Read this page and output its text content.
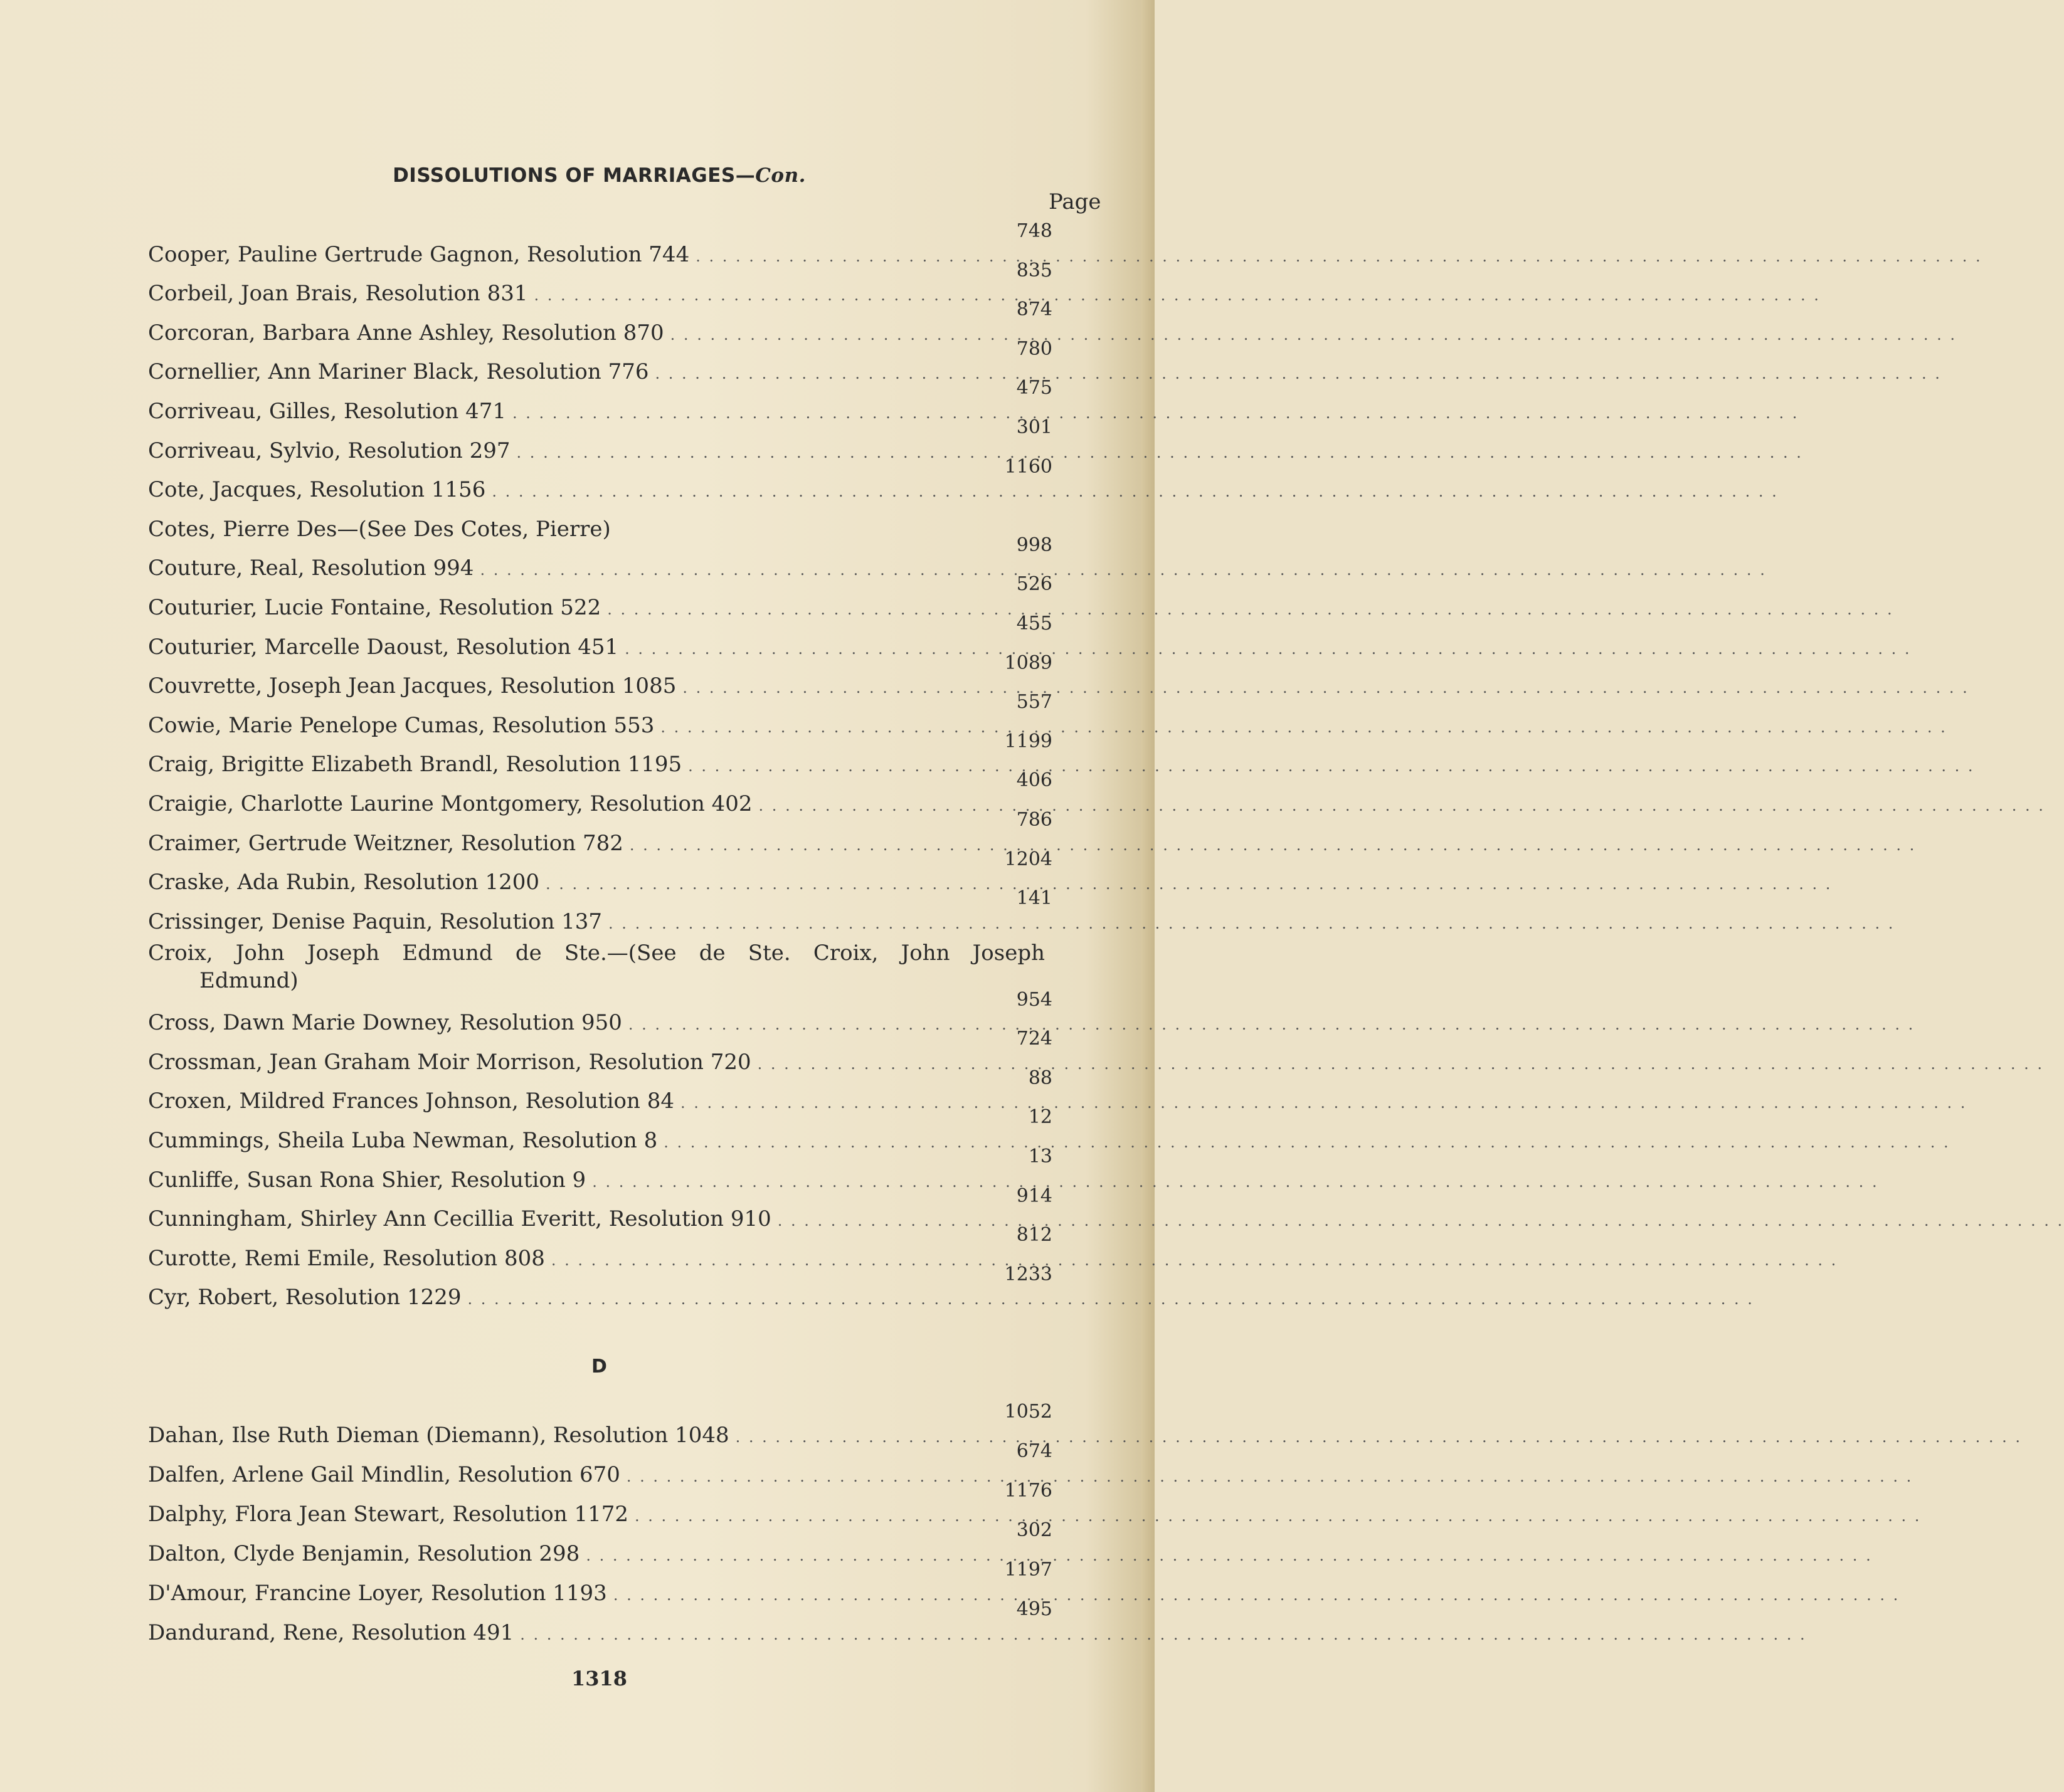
DISSOLUTIONS OF MARRIAGES—Con.
Page
Cooper, Pauline Gertrude Gagnon, Resolution 744 . . . . . . . . . . . . . . . . . . . . . . . . . . . . . . . . . . . . . . . . . . . . . . . . . . . . . . . . . . . . . . . . . . . . . . . . . . . . . . . . . . . . . . . . . . . . . . . . .
748
Corbeil, Joan Brais, Resolution 831 . . . . . . . . . . . . . . . . . . . . . . . . . . . . . . . . . . . . . . . . . . . . . . . . . . . . . . . . . . . . . . . . . . . . . . . . . . . . . . . . . . . . . . . . . . . . . . . . .
835
Corcoran, Barbara Anne Ashley, Resolution 870 . . . . . . . . . . . . . . . . . . . . . . . . . . . . . . . . . . . . . . . . . . . . . . . . . . . . . . . . . . . . . . . . . . . . . . . . . . . . . . . . . . . . . . . . . . . . . . . . .
874
Cornellier, Ann Mariner Black, Resolution 776 . . . . . . . . . . . . . . . . . . . . . . . . . . . . . . . . . . . . . . . . . . . . . . . . . . . . . . . . . . . . . . . . . . . . . . . . . . . . . . . . . . . . . . . . . . . . . . . . .
780
Corriveau, Gilles, Resolution 471 . . . . . . . . . . . . . . . . . . . . . . . . . . . . . . . . . . . . . . . . . . . . . . . . . . . . . . . . . . . . . . . . . . . . . . . . . . . . . . . . . . . . . . . . . . . . . . . . .
475
Corriveau, Sylvio, Resolution 297 . . . . . . . . . . . . . . . . . . . . . . . . . . . . . . . . . . . . . . . . . . . . . . . . . . . . . . . . . . . . . . . . . . . . . . . . . . . . . . . . . . . . . . . . . . . . . . . . .
301
Cote, Jacques, Resolution 1156 . . . . . . . . . . . . . . . . . . . . . . . . . . . . . . . . . . . . . . . . . . . . . . . . . . . . . . . . . . . . . . . . . . . . . . . . . . . . . . . . . . . . . . . . . . . . . . . . .
1160
Cotes, Pierre Des—(See Des Cotes, Pierre)
Couture, Real, Resolution 994 . . . . . . . . . . . . . . . . . . . . . . . . . . . . . . . . . . . . . . . . . . . . . . . . . . . . . . . . . . . . . . . . . . . . . . . . . . . . . . . . . . . . . . . . . . . . . . . . .
998
Couturier, Lucie Fontaine, Resolution 522 . . . . . . . . . . . . . . . . . . . . . . . . . . . . . . . . . . . . . . . . . . . . . . . . . . . . . . . . . . . . . . . . . . . . . . . . . . . . . . . . . . . . . . . . . . . . . . . . .
526
Couturier, Marcelle Daoust, Resolution 451 . . . . . . . . . . . . . . . . . . . . . . . . . . . . . . . . . . . . . . . . . . . . . . . . . . . . . . . . . . . . . . . . . . . . . . . . . . . . . . . . . . . . . . . . . . . . . . . . .
455
Couvrette, Joseph Jean Jacques, Resolution 1085 . . . . . . . . . . . . . . . . . . . . . . . . . . . . . . . . . . . . . . . . . . . . . . . . . . . . . . . . . . . . . . . . . . . . . . . . . . . . . . . . . . . . . . . . . . . . . . . . .
1089
Cowie, Marie Penelope Cumas, Resolution 553 . . . . . . . . . . . . . . . . . . . . . . . . . . . . . . . . . . . . . . . . . . . . . . . . . . . . . . . . . . . . . . . . . . . . . . . . . . . . . . . . . . . . . . . . . . . . . . . . .
557
Craig, Brigitte Elizabeth Brandl, Resolution 1195 . . . . . . . . . . . . . . . . . . . . . . . . . . . . . . . . . . . . . . . . . . . . . . . . . . . . . . . . . . . . . . . . . . . . . . . . . . . . . . . . . . . . . . . . . . . . . . . . .
1199
Craigie, Charlotte Laurine Montgomery, Resolution 402 . . . . . . . . . . . . . . . . . . . . . . . . . . . . . . . . . . . . . . . . . . . . . . . . . . . . . . . . . . . . . . . . . . . . . . . . . . . . . . . . . . . . . . . . . . . . . . . . .
406
Craimer, Gertrude Weitzner, Resolution 782 . . . . . . . . . . . . . . . . . . . . . . . . . . . . . . . . . . . . . . . . . . . . . . . . . . . . . . . . . . . . . . . . . . . . . . . . . . . . . . . . . . . . . . . . . . . . . . . . .
786
Craske, Ada Rubin, Resolution 1200 . . . . . . . . . . . . . . . . . . . . . . . . . . . . . . . . . . . . . . . . . . . . . . . . . . . . . . . . . . . . . . . . . . . . . . . . . . . . . . . . . . . . . . . . . . . . . . . . .
1204
Crissinger, Denise Paquin, Resolution 137 . . . . . . . . . . . . . . . . . . . . . . . . . . . . . . . . . . . . . . . . . . . . . . . . . . . . . . . . . . . . . . . . . . . . . . . . . . . . . . . . . . . . . . . . . . . . . . . . .
141
Croix, John Joseph Edmund de Ste.—(See de Ste. Croix, John Joseph
Edmund)
Cross, Dawn Marie Downey, Resolution 950 . . . . . . . . . . . . . . . . . . . . . . . . . . . . . . . . . . . . . . . . . . . . . . . . . . . . . . . . . . . . . . . . . . . . . . . . . . . . . . . . . . . . . . . . . . . . . . . . .
954
Crossman, Jean Graham Moir Morrison, Resolution 720 . . . . . . . . . . . . . . . . . . . . . . . . . . . . . . . . . . . . . . . . . . . . . . . . . . . . . . . . . . . . . . . . . . . . . . . . . . . . . . . . . . . . . . . . . . . . . . . . .
724
Croxen, Mildred Frances Johnson, Resolution 84 . . . . . . . . . . . . . . . . . . . . . . . . . . . . . . . . . . . . . . . . . . . . . . . . . . . . . . . . . . . . . . . . . . . . . . . . . . . . . . . . . . . . . . . . . . . . . . . . .
88
Cummings, Sheila Luba Newman, Resolution 8 . . . . . . . . . . . . . . . . . . . . . . . . . . . . . . . . . . . . . . . . . . . . . . . . . . . . . . . . . . . . . . . . . . . . . . . . . . . . . . . . . . . . . . . . . . . . . . . . .
12
Cunliffe, Susan Rona Shier, Resolution 9 . . . . . . . . . . . . . . . . . . . . . . . . . . . . . . . . . . . . . . . . . . . . . . . . . . . . . . . . . . . . . . . . . . . . . . . . . . . . . . . . . . . . . . . . . . . . . . . . .
13
Cunningham, Shirley Ann Cecillia Everitt, Resolution 910 . . . . . . . . . . . . . . . . . . . . . . . . . . . . . . . . . . . . . . . . . . . . . . . . . . . . . . . . . . . . . . . . . . . . . . . . . . . . . . . . . . . . . . . . . . . . . . . . .
914
Curotte, Remi Emile, Resolution 808 . . . . . . . . . . . . . . . . . . . . . . . . . . . . . . . . . . . . . . . . . . . . . . . . . . . . . . . . . . . . . . . . . . . . . . . . . . . . . . . . . . . . . . . . . . . . . . . . .
812
Cyr, Robert, Resolution 1229 . . . . . . . . . . . . . . . . . . . . . . . . . . . . . . . . . . . . . . . . . . . . . . . . . . . . . . . . . . . . . . . . . . . . . . . . . . . . . . . . . . . . . . . . . . . . . . . . .
1233
D
Dahan, Ilse Ruth Dieman (Diemann), Resolution 1048 . . . . . . . . . . . . . . . . . . . . . . . . . . . . . . . . . . . . . . . . . . . . . . . . . . . . . . . . . . . . . . . . . . . . . . . . . . . . . . . . . . . . . . . . . . . . . . . . .
1052
Dalfen, Arlene Gail Mindlin, Resolution 670 . . . . . . . . . . . . . . . . . . . . . . . . . . . . . . . . . . . . . . . . . . . . . . . . . . . . . . . . . . . . . . . . . . . . . . . . . . . . . . . . . . . . . . . . . . . . . . . . .
674
Dalphy, Flora Jean Stewart, Resolution 1172 . . . . . . . . . . . . . . . . . . . . . . . . . . . . . . . . . . . . . . . . . . . . . . . . . . . . . . . . . . . . . . . . . . . . . . . . . . . . . . . . . . . . . . . . . . . . . . . . .
1176
Dalton, Clyde Benjamin, Resolution 298 . . . . . . . . . . . . . . . . . . . . . . . . . . . . . . . . . . . . . . . . . . . . . . . . . . . . . . . . . . . . . . . . . . . . . . . . . . . . . . . . . . . . . . . . . . . . . . . . .
302
D'Amour, Francine Loyer, Resolution 1193 . . . . . . . . . . . . . . . . . . . . . . . . . . . . . . . . . . . . . . . . . . . . . . . . . . . . . . . . . . . . . . . . . . . . . . . . . . . . . . . . . . . . . . . . . . . . . . . . .
1197
Dandurand, Rene, Resolution 491 . . . . . . . . . . . . . . . . . . . . . . . . . . . . . . . . . . . . . . . . . . . . . . . . . . . . . . . . . . . . . . . . . . . . . . . . . . . . . . . . . . . . . . . . . . . . . . . . .
495
1318
